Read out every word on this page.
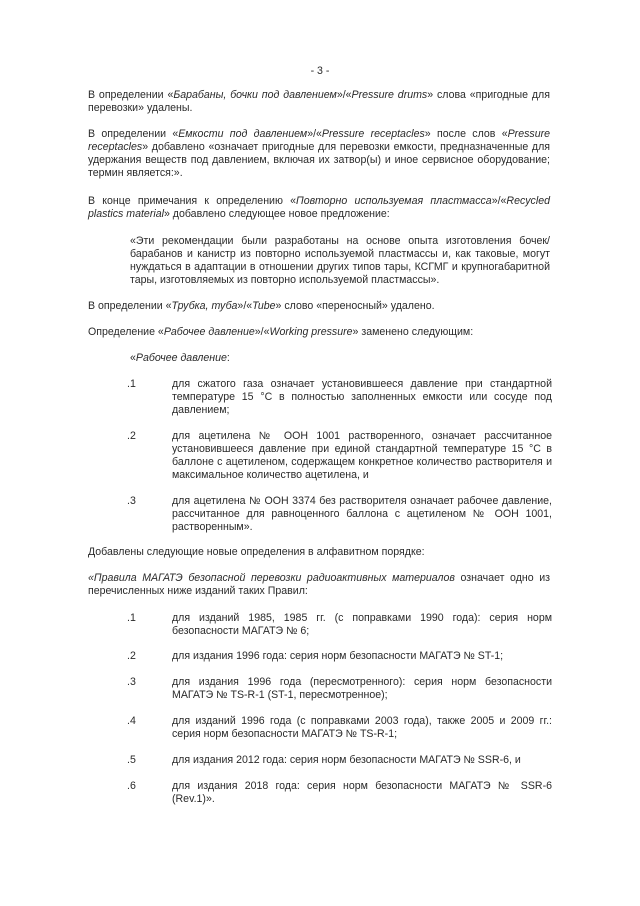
- 3 -

В определении «Барабаны, бочки под давлением»/«Pressure drums» слова «пригодные для перевозки» удалены.

В определении «Емкости под давлением»/«Pressure receptacles» после слов «Pressure receptacles» добавлено «означает пригодные для перевозки емкости, предназначенные для удержания веществ под давлением, включая их затвор(ы) и иное сервисное оборудование; термин является:».

В конце примечания к определению «Повторно используемая пластмасса»/«Recycled plastics material» добавлено следующее новое предложение:

«Эти рекомендации были разработаны на основе опыта изготовления бочек/барабанов и канистр из повторно используемой пластмассы и, как таковые, могут нуждаться в адаптации в отношении других типов тары, КСГМГ и крупногабаритной тары, изготовляемых из повторно используемой пластмассы».

В определении «Трубка, туба»/«Tube» слово «переносный» удалено.

Определение «Рабочее давление»/«Working pressure» заменено следующим:

«Рабочее давление:

.1	для сжатого газа означает установившееся давление при стандартной температуре 15 °C в полностью заполненных емкости или сосуде под давлением;
.2	для ацетилена № ООН 1001 растворенного, означает рассчитанное установившееся давление при единой стандартной температуре 15 °C в баллоне с ацетиленом, содержащем конкретное количество растворителя и максимальное количество ацетилена, и
.3	для ацетилена № ООН 3374 без растворителя означает рабочее давление, рассчитанное для равноценного баллона с ацетиленом № ООН 1001, растворенным».

Добавлены следующие новые определения в алфавитном порядке:

«Правила МАГАТЭ безопасной перевозки радиоактивных материалов означает одно из перечисленных ниже изданий таких Правил:

.1	для изданий 1985, 1985 гг. (с поправками 1990 года): серия норм безопасности МАГАТЭ № 6;
.2	для издания 1996 года: серия норм безопасности МАГАТЭ № ST-1;
.3	для издания 1996 года (пересмотренного): серия норм безопасности МАГАТЭ № TS-R-1 (ST-1, пересмотренное);
.4	для изданий 1996 года (с поправками 2003 года), также 2005 и 2009 гг.: серия норм безопасности МАГАТЭ № TS-R-1;
.5	для издания 2012 года: серия норм безопасности МАГАТЭ № SSR-6, и
.6	для издания 2018 года: серия норм безопасности МАГАТЭ № SSR-6 (Rev.1)».
